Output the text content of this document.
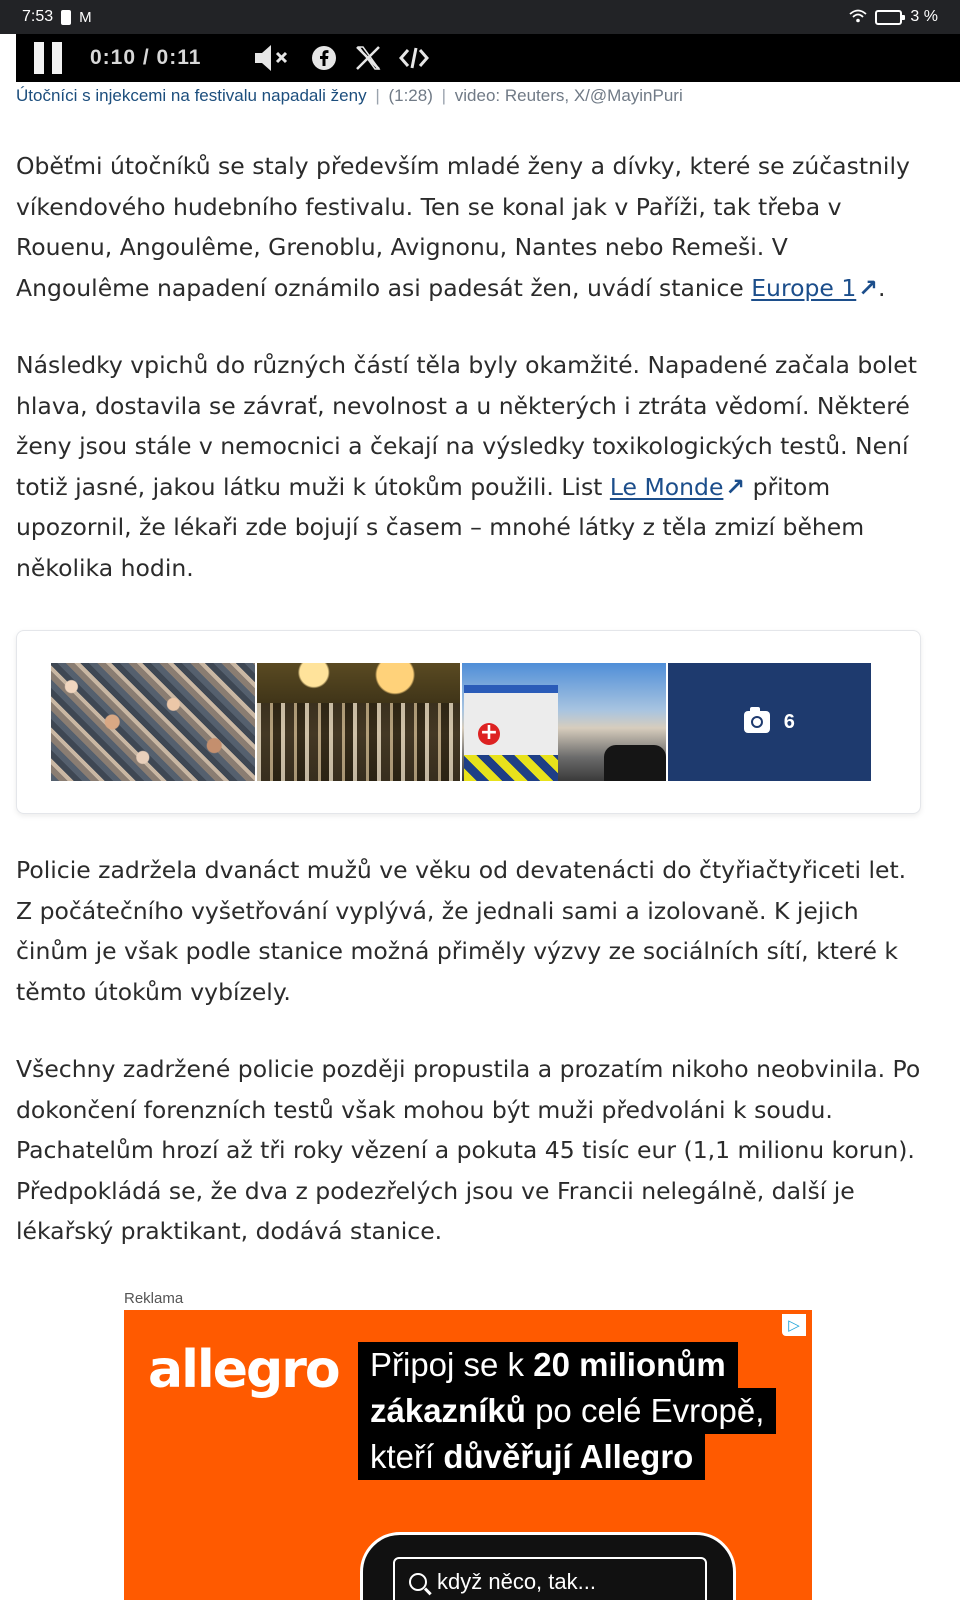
7:53 M	3 %
0:10 / 0:11
Útočníci s injekcemi na festivalu napadali ženy | (1:28) | video: Reuters, X/@MayinPuri

Oběťmi útočníků se staly především mladé ženy a dívky, které se zúčastnily víkendového hudebního festivalu. Ten se konal jak v Paříži, tak třeba v Rouenu, Angoulême, Grenoblu, Avignonu, Nantes nebo Remeši. V Angoulême napadení oznámilo asi padesát žen, uvádí stanice Europe 1↗.

Následky vpichů do různých částí těla byly okamžité. Napadené začala bolet hlava, dostavila se závrať, nevolnost a u některých i ztráta vědomí. Některé ženy jsou stále v nemocnici a čekají na výsledky toxikologických testů. Není totiž jasné, jakou látku muži k útokům použili. List Le Monde↗ přitom upozornil, že lékaři zde bojují s časem – mnohé látky z těla zmizí během několika hodin.

+
6

Policie zadržela dvanáct mužů ve věku od devatenácti do čtyřiačtyřiceti let. Z počátečního vyšetřování vyplývá, že jednali sami a izolovaně. K jejich činům je však podle stanice možná přiměly výzvy ze sociálních sítí, které k těmto útokům vybízely.

Všechny zadržené policie později propustila a prozatím nikoho neobvinila. Po dokončení forenzních testů však mohou být muži předvoláni k soudu. Pachatelům hrozí až tři roky vězení a pokuta 45 tisíc eur (1,1 milionu korun). Předpokládá se, že dva z podezřelých jsou ve Francii nelegálně, další je lékařský praktikant, dodává stanice.

Reklama
▷
allegro Připoj se k 20 milionům
zákazníků po celé Evropě,
kteří důvěřují Allegro
když něco, tak...
